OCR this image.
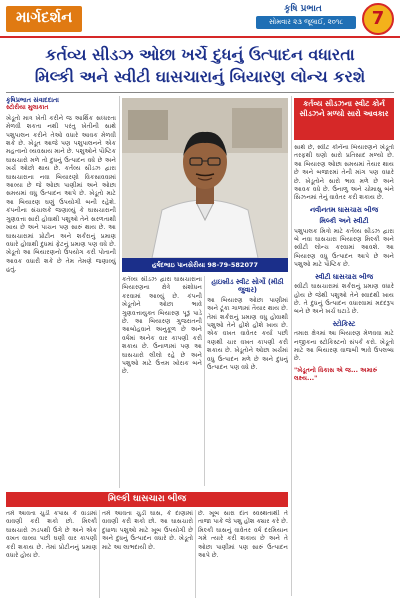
માર્ગદર્શન	કૃષિ પ્રભાત
સોમવાર ૨૩ જૂલાઈ, ૨૦૧૮	7
કર્તવ્ય સીડઝ ઓછા ખર્ચે દુધનું ઉત્પાદન વધારતા
મિલ્કી અને સ્વીટી ઘાસચારાનું બિયારણ લોન્ચ કરશે
કૃષિપ્રભાત સંવાદદાતા
સ્ટોરીયા મુલાકાત
ખેડૂતો માત્ર ખેતી કરીને જ આર્થિક સધ્ધરતા મેળવી શકતા નથી પરંતુ ખેતીની સાથે પશુપાલન કરીને તેઓ વધારે આવક મેળવી શકે છે. ખેડૂત આજે પણ પશુપાલનને એક મહત્વનો વ્યવસાય માને છે. પશુઓને પૌષ્ટિક ઘાસચારો મળે તો દુધનું ઉત્પાદન વધે છે અને ખર્ચ ઓછો થાય છે. કર્તવ્ય સીડઝ દ્વારા ઘાસચારાના નવા બિયારણો વિકસાવવામાં આવ્યા છે જે ઓછા પાણીમાં અને ઓછા સમયમાં વધુ ઉત્પાદન આપે છે. ખેડૂતો માટે આ બિયારણ ઘણું ઉપયોગી બની રહેશે. કંપનીના સંચાલકે જણાવ્યું કે ઘાસચારાની ગુણવત્તા સારી હોવાથી પશુઓ તેને સરળતાથી ખાય છે અને પાચન પણ સારું થાય છે. આ ઘાસચારામાં પ્રોટીન અને શર્કરાનું પ્રમાણ વધારે હોવાથી દુધમાં ફેટનું પ્રમાણ પણ વધે છે. ખેડૂતો આ બિયારણનો ઉપયોગ કરી પોતાની આવક વધારી શકે છે તેમ તેમણે જણાવ્યું હતું.
હર્ષદભાઇ પાનસેરીયા 98-79-582077
કર્તવ્ય સીડઝ દ્વારા ઘાસચારાના બિયારણના ક્ષેત્રે સંશોધન કરવામાં આવ્યું છે. કંપની ખેડૂતોને ઓછા ભાવે ગુણવત્તાયુક્ત બિયારણ પૂરૂં પાડે છે. આ બિયારણ ગુજરાતની આબોહવાને અનુકૂળ છે અને વર્ષમાં અનેક વાર કાપણી કરી શકાય છે. ઉનાળામાં પણ આ ઘાસચારો લીલો રહે છે અને પશુઓ માટે ઉત્તમ ખોરાક બને છે.
હાઇબ્રીડ સ્વીટ સોર્ગો (મીઠી જુવાર)
આ બિયારણ ઓછા પાણીમાં અને ટૂંકા ગાળામાં તૈયાર થાય છે. તેમાં શર્કરાનું પ્રમાણ વધુ હોવાથી પશુઓ તેને હોંશે હોંશે ખાય છે. એક વખત વાવેતર કર્યા પછી ત્રણથી ચાર વખત કાપણી કરી શકાય છે. ખેડૂતોને ઓછા ખર્ચમાં વધુ ઉત્પાદન મળે છે અને દુધનું ઉત્પાદન પણ વધે છે.
કર્તવ્ય સીડઝના સ્વીટ કોર્ન સીડઝને મળ્યો સારો આવકાર
સાથે છે, સ્વીટ કોર્નના બિયારણને ખેડૂતો તરફથી ઘણો સારો પ્રતિસાદ મળ્યો છે. આ બિયારણ ઓછા સમયમાં તૈયાર થાય છે અને બજારમાં તેની માંગ પણ વધારે છે. ખેડૂતોને સારો ભાવ મળે છે અને આવક વધે છે. ઉનાળુ અને ચોમાસુ બંને સિઝનમાં તેનું વાવેતર કરી શકાય છે.
નવીનતમ ઘાસચારા બીજ
મિલ્કી અને સ્વીટી
પશુપાલક મિત્રો માટે કર્તવ્ય સીડઝ દ્વારા બે નવા ઘાસચારા બિયારણ મિલ્કી અને સ્વીટી લોન્ચ કરવામાં આવશે. આ બિયારણ વધુ ઉત્પાદન આપે છે અને પશુઓ માટે પૌષ્ટિક છે.
સ્વીટી ઘાસચારા બીજ
સ્વીટી ઘાસચારામાં શર્કરાનું પ્રમાણ વધારે હોય છે જેથી પશુઓ તેને સ્વાદથી ખાય છે. તે દુધનું ઉત્પાદન વધારવામાં મદદરૂપ બને છે અને ખર્ચ ઘટાડે છે.
સ્ટોકિસ્ટ
તમારા ક્ષેત્રમાં આ બિયારણ મેળવવા માટે નજીકના સ્ટોકિસ્ટનો સંપર્ક કરો. ખેડૂતો માટે આ બિયારણ વાજબી ભાવે ઉપલબ્ધ છે.
"ખેડૂતનો વિકાસ એ જ... અમારું લક્ષ્ય..."
મિલ્કી ઘાસચારા બીજ
તમે આવતા ચુડી કપાસ કે વાડામાં વાવણી કરી શકો છો. મિલ્કી ઘાસચારો ઝડપથી ઉગે છે અને એક વખત વાવ્યા પછી ઘણી વાર કાપણી કરી શકાય છે. તેમાં પ્રોટીનનું પ્રમાણ વધારે હોય છે.
તમે આવતા ચુડી ઘાસ, કે દાણામાં વાવણી કરી શકો છો. આ ઘાસચારો દુધાળા પશુઓ માટે ખૂબ ઉપયોગી છે અને દુધનું ઉત્પાદન વધારે છે. ખેડૂતો માટે આ લાભદાયી છે.
છે. ખૂબ સારા દાંત સ્વસ્થતાથી તે તાજા પાકે જે પશુ હોંશ ક્યાર કરે છે. મિલ્કી ઘાસનું વાવેતર વર્ષ દરમિયાન ગમે ત્યારે કરી શકાય છે અને તે ઓછા પાણીમાં પણ સારું ઉત્પાદન આપે છે.
